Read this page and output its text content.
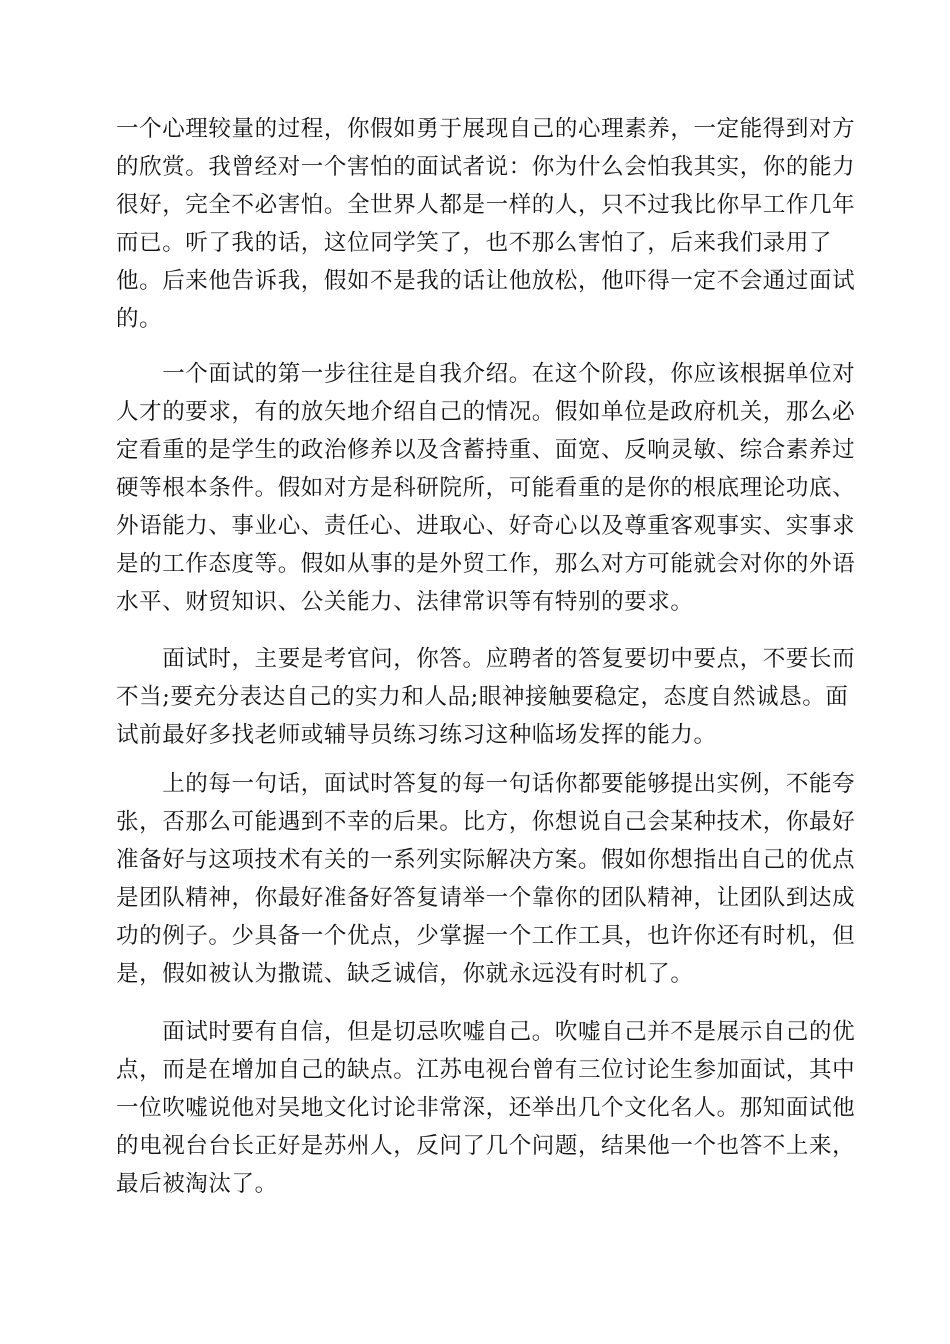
一个心理较量的过程，你假如勇于展现自己的心理素养，一定能得到对方
的欣赏。我曾经对一个害怕的面试者说：你为什么会怕我其实，你的能力
很好，完全不必害怕。全世界人都是一样的人，只不过我比你早工作几年
而已。听了我的话，这位同学笑了，也不那么害怕了，后来我们录用了
他。后来他告诉我，假如不是我的话让他放松，他吓得一定不会通过面试
的。
　　一个面试的第一步往往是自我介绍。在这个阶段，你应该根据单位对
人才的要求，有的放矢地介绍自己的情况。假如单位是政府机关，那么必
定看重的是学生的政治修养以及含蓄持重、面宽、反响灵敏、综合素养过
硬等根本条件。假如对方是科研院所，可能看重的是你的根底理论功底、
外语能力、事业心、责任心、进取心、好奇心以及尊重客观事实、实事求
是的工作态度等。假如从事的是外贸工作，那么对方可能就会对你的外语
水平、财贸知识、公关能力、法律常识等有特别的要求。
　　面试时，主要是考官问，你答。应聘者的答复要切中要点，不要长而
不当;要充分表达自己的实力和人品;眼神接触要稳定，态度自然诚恳。面
试前最好多找老师或辅导员练习练习这种临场发挥的能力。
　　上的每一句话，面试时答复的每一句话你都要能够提出实例，不能夸
张，否那么可能遇到不幸的后果。比方，你想说自己会某种技术，你最好
准备好与这项技术有关的一系列实际解决方案。假如你想指出自己的优点
是团队精神，你最好准备好答复请举一个靠你的团队精神，让团队到达成
功的例子。少具备一个优点，少掌握一个工作工具，也许你还有时机，但
是，假如被认为撒谎、缺乏诚信，你就永远没有时机了。
　　面试时要有自信，但是切忌吹嘘自己。吹嘘自己并不是展示自己的优
点，而是在增加自己的缺点。江苏电视台曾有三位讨论生参加面试，其中
一位吹嘘说他对吴地文化讨论非常深，还举出几个文化名人。那知面试他
的电视台台长正好是苏州人，反问了几个问题，结果他一个也答不上来，
最后被淘汰了。
